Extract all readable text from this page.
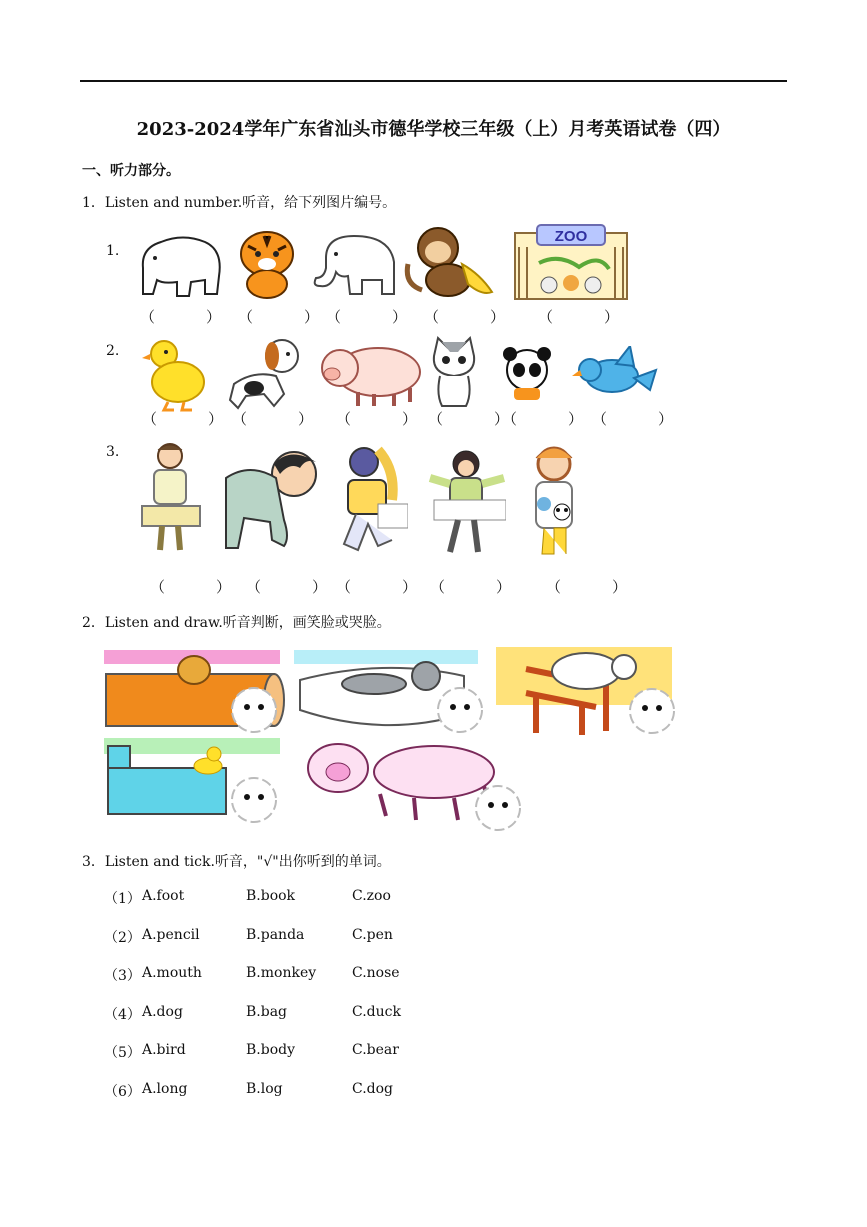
2023-2024学年广东省汕头市德华学校三年级（上）月考英语试卷（四）
一、听力部分。
1．Listen and number.听音，给下列图片编号。
1.
2.
3.
ZOO
（　）
（　）
（　）
（　） （　）
（　）
（　） （　）
（　）
（　）
（　）
（　）
（　）
（　）
（　） （　）
2．Listen and draw.听音判断，画笑脸或哭脸。
3．Listen and tick.听音，"√"出你听到的单词。
（1） A.foot	B.book	C.zoo
（2） A.pencil	B.panda	C.pen
（3） A.mouth	B.monkey	C.nose
（4） A.dog	B.bag	C.duck
（5） A.bird	B.body	C.bear
（6） A.long	B.log	C.dog
